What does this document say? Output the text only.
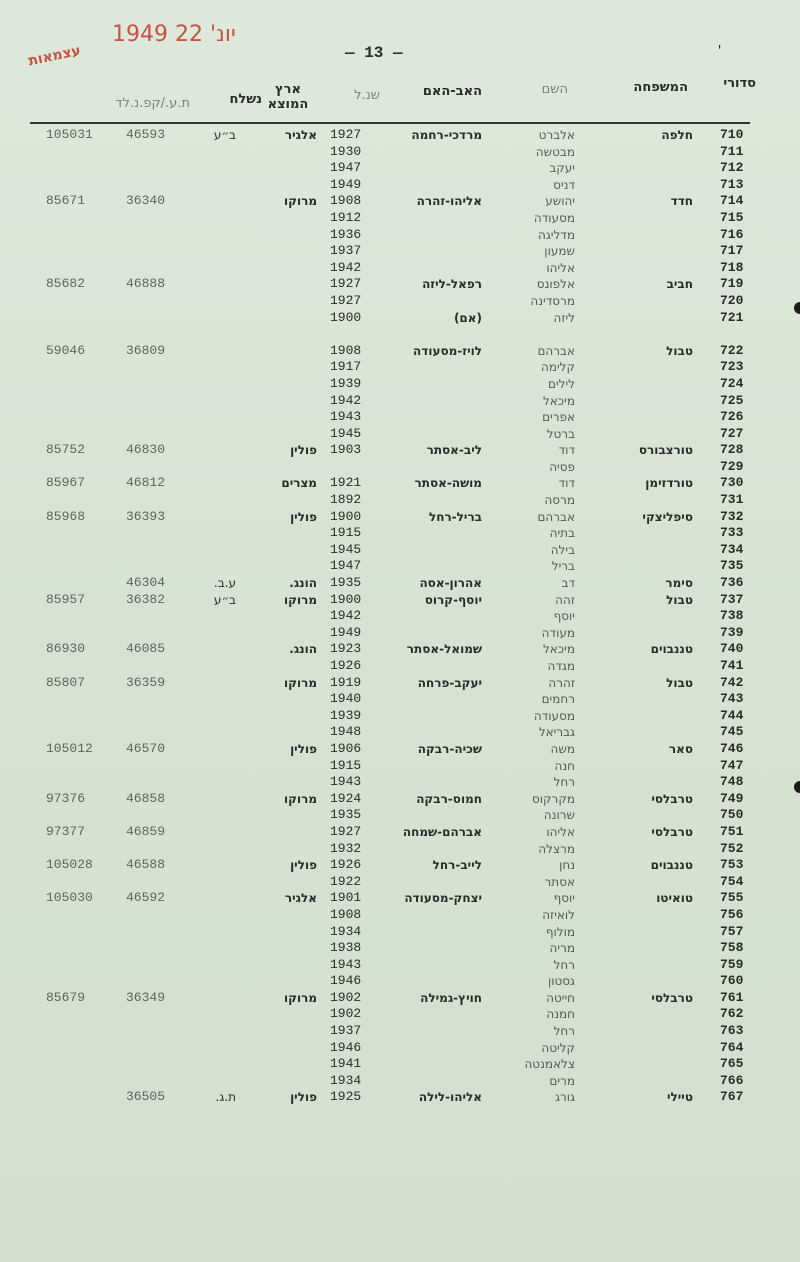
עצמאות
1949 יונ' 22
— 13 —	'
סדורי
המשפחה
השם
האב-האם
שנ.ל
ארץ המוצא
נשלח
ת.ע./קפ.נ.לד
710
חלפה
אלברט
מרדכי-רחמה
1927
אלגיר
ב״ע
46593
105031
711
מבטשה
1930
712
יעקב
1947
713
דניס
1949
714
חדד
יהושע
אליהו-זהרה
1908
מרוקו
36340
85671
715
מסעודה
1912
716
מדליגה
1936
717
שמעון
1937
718
אליהו
1942
719
חביב
אלפונס
רפאל-ליזה
1927
46888
85682
720
מרסדינה
1927
721
ליזה
(אם)
1900
722
טבול
אברהם
לויז-מסעודה
1908
36809
59046
723
קלימה
1917
724
לילים
1939
725
מיכאל
1942
726
אפרים
1943
727
ברטל
1945
728
טורצבורס
דוד
ליב-אסתר
1903
פולין
46830
85752
729
פסיה
730
טורדזימן
דוד
מושה-אסתר
1921
מצרים
46812
85967
731
מרסה
1892
732
סיפליצקי
אברהם
בריל-רחל
1900
פולין
36393
85968
733
בתיה
1915
734
בילה
1945
735
בריל
1947
736
סימר
דב
אהרון-אסה
1935
הונג.
ע.ב.
46304
737
טבול
זהה
יוסף-קרוס
1900
מרוקו
ב״ע
36382
85957
738
יוסף
1942
739
מעודה
1949
740
טננבוים
מיכאל
שמואל-אסתר
1923
הונג.
46085
86930
741
מגדה
1926
742
טבול
זהרה
יעקב-פרחה
1919
מרוקו
36359
85807
743
רחמים
1940
744
מסעודה
1939
745
גבריאל
1948
746
סאר
משה
שכיה-רבקה
1906
פולין
46570
105012
747
חנה
1915
748
רחל
1943
749
טרבלסי
מקרקוס
חמוס-רבקה
1924
מרוקו
46858
97376
750
שרונה
1935
751
טרבלסי
אליהו
אברהם-שמחה
1927
46859
97377
752
מרצלה
1932
753
טננבוים
נחן
לייב-רחל
1926
פולין
46588
105028
754
אסתר
1922
755
טואיטו
יוסף
יצחק-מסעודה
1901
אלגיר
46592
105030
756
לואיזה
1908
757
מולוף
1934
758
מריה
1938
759
רחל
1943
760
גסטון
1946
761
טרבלסי
חייטה
חויץ-גמילה
1902
מרוקו
36349
85679
762
חמנה
1902
763
רחל
1937
764
קליטה
1946
765
צלאמנטה
1941
766
מרים
1934
767
טיילי
גורג
אליהו-לילה
1925
פולין
ת.ג.
36505
